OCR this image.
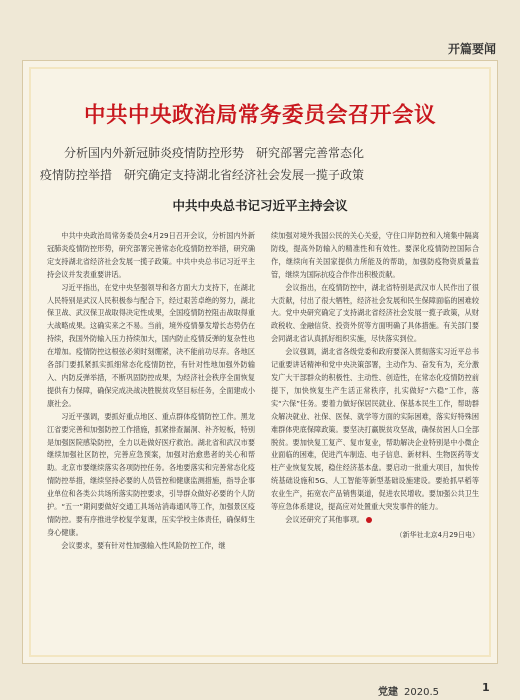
开篇要闻
中共中央政治局常务委员会召开会议

分析国内外新冠肺炎疫情防控形势　研究部署完善常态化

疫情防控举措　研究确定支持湖北省经济社会发展一揽子政策

中共中央总书记习近平主持会议

中共中央政治局常务委员会4月29日召开会议，分析国内外新冠肺炎疫情防控形势，研究部署完善常态化疫情防控举措，研究确定支持湖北省经济社会发展一揽子政策。中共中央总书记习近平主持会议并发表重要讲话。

习近平指出，在党中央坚强领导和各方面大力支持下，在湖北人民特别是武汉人民积极参与配合下，经过艰苦卓绝的努力，湖北保卫战、武汉保卫战取得决定性成果，全国疫情防控阻击战取得重大战略成果。这确实来之不易。当前，境外疫情暴发增长态势仍在持续，我国外防输入压力持续加大，国内防止疫情反弹的复杂性也在增加。疫情防控这根弦必须时刻绷紧，决不能前功尽弃。各地区各部门要抓紧抓实抓细常态化疫情防控，有针对性地加强外防输入、内防反弹举措，不断巩固防控成果，为经济社会秩序全面恢复提供有力保障，确保完成决战决胜脱贫攻坚目标任务，全面建成小康社会。

习近平强调，要抓好重点地区、重点群体疫情防控工作。黑龙江省要完善和加强防控工作措施，抓紧排查漏洞、补齐短板，特别是加强医院感染防控，全力以赴做好医疗救治。湖北省和武汉市要继续加强社区防控，完善应急预案，加强对治愈患者的关心和帮助。北京市要继续落实各项防控任务。各地要落实和完善常态化疫情防控举措，继续坚持必要的人员管控和健康监测措施，指导企事业单位和各类公共场所落实防控要求，引导群众做好必要的个人防护。“五一”期间要做好交通工具场站消毒通风等工作，加强景区疫情防控。要有序推进学校复学复课，压实学校主体责任，确保师生身心健康。

会议要求，要有针对性加强输入性风险防控工作，继

续加强对境外我国公民的关心关爱，守住口岸防控和入境集中隔离防线，提高外防输入的精准性和有效性。要深化疫情防控国际合作，继续向有关国家提供力所能及的帮助，加强防疫物资质量监管，继续为国际抗疫合作作出积极贡献。

会议指出，在疫情防控中，湖北省特别是武汉市人民作出了很大贡献，付出了很大牺牲，经济社会发展和民生保障面临的困难较大。党中央研究确定了支持湖北省经济社会发展一揽子政策，从财政税收、金融信贷、投资外贸等方面明确了具体措施。有关部门要会同湖北省认真抓好组织实施，尽快落实到位。

会议强调，湖北省各级党委和政府要深入贯彻落实习近平总书记重要讲话精神和党中央决策部署，主动作为、奋发有为，充分激发广大干部群众的积极性、主动性、创造性，在常态化疫情防控前提下，加快恢复生产生活正常秩序，扎实做好“六稳”工作，落实“六保”任务。要着力做好保居民就业、保基本民生工作，帮助群众解决就业、社保、医保、就学等方面的实际困难，落实好特殊困难群体兜底保障政策。要坚决打赢脱贫攻坚战，确保贫困人口全部脱贫。要加快复工复产、复市复业，帮助解决企业特别是中小微企业面临的困难，促进汽车制造、电子信息、新材料、生物医药等支柱产业恢复发展，稳住经济基本盘。要启动一批重大项目，加快传统基础设施和5G、人工智能等新型基础设施建设。要抢抓早稻等农业生产，拓宽农产品销售渠道，促进农民增收。要加强公共卫生等应急体系建设，提高应对处置重大突发事件的能力。

会议还研究了其他事项。

（新华社北京4月29日电）
党建 2020.5	1
